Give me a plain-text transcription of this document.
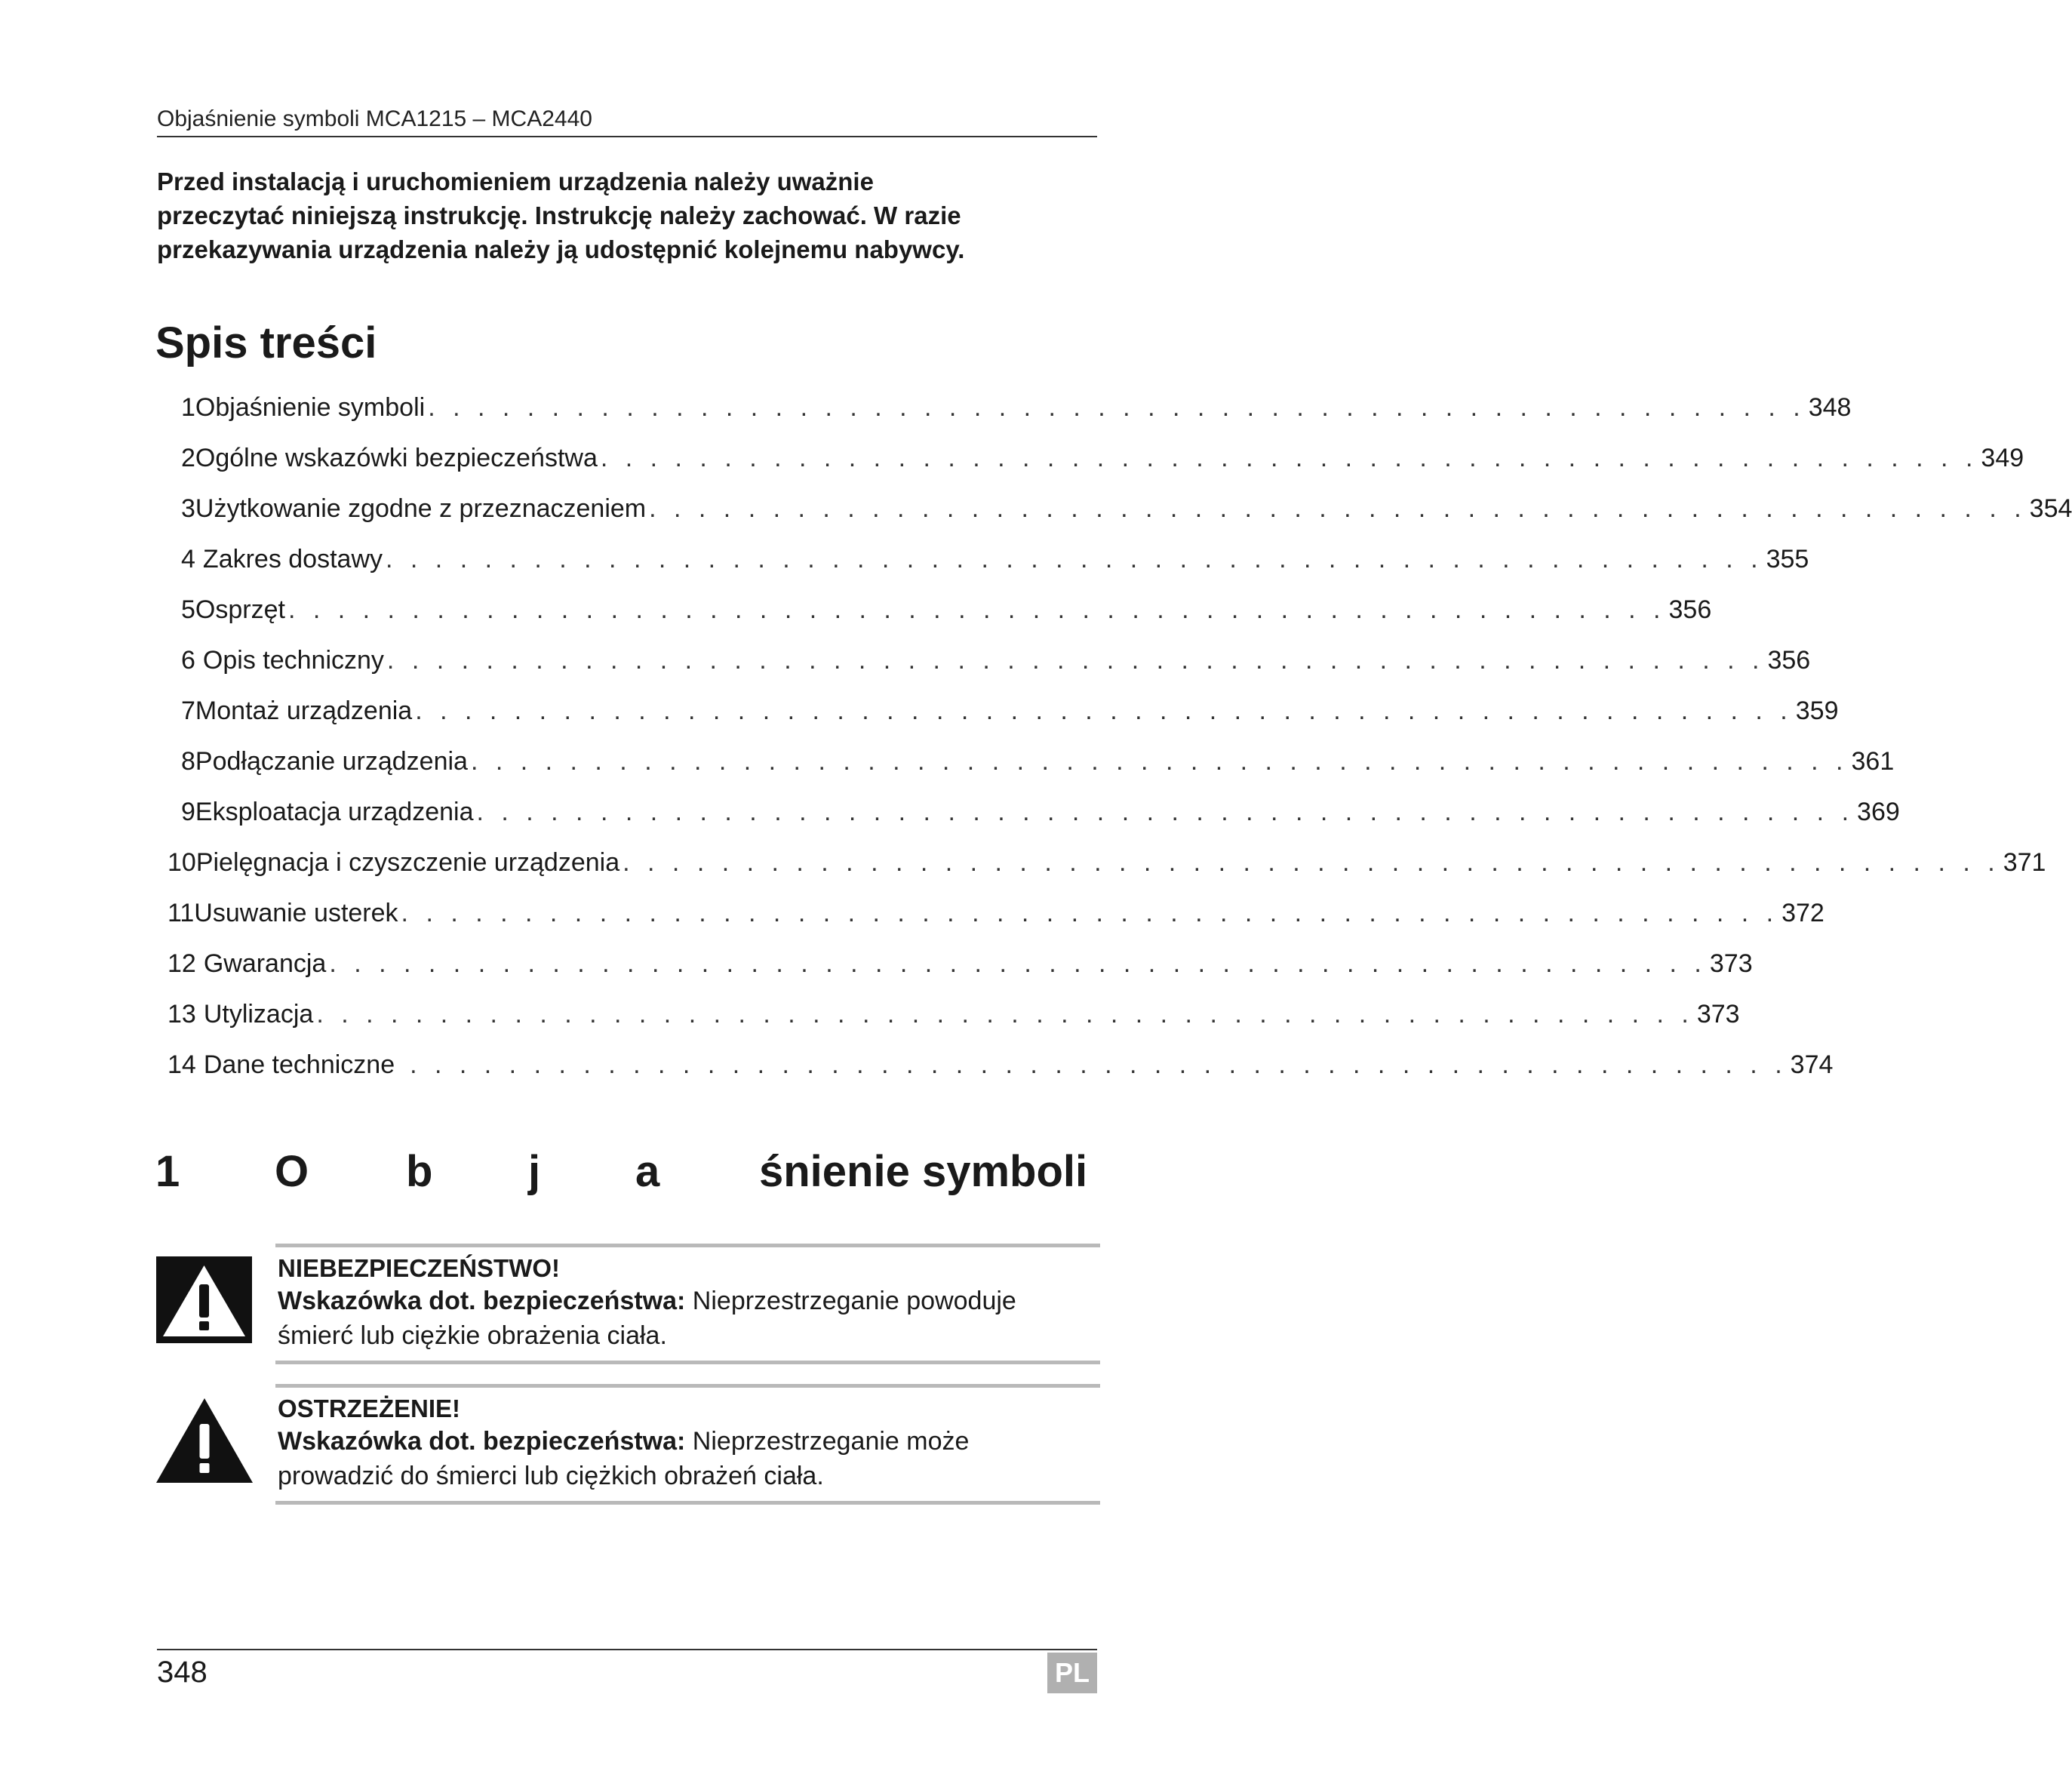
Objaśnienie symboli MCA1215 – MCA2440
Przed instalacją i uruchomieniem urządzenia należy uważnie
przeczytać niniejszą instrukcję. Instrukcję należy zachować. W razie
przekazywania urządzenia należy ją udostępnić kolejnemu nabywcy.
Spis treści
1 Objaśnienie symboli . . . . . . . . . . . . . . . . . . . . . . . . . . . . . . . . . . . . . . . . . . . . . . . . . . . . . . . . 348
2 Ogólne wskazówki bezpieczeństwa . . . . . . . . . . . . . . . . . . . . . . . . . . . . . . . . . . . . . . . . . . . . . . . . . . . . . . . . 349
3 Użytkowanie zgodne z przeznaczeniem . . . . . . . . . . . . . . . . . . . . . . . . . . . . . . . . . . . . . . . . . . . . . . . . . . . . . . . . 354
4 Zakres dostawy . . . . . . . . . . . . . . . . . . . . . . . . . . . . . . . . . . . . . . . . . . . . . . . . . . . . . . . . 355
5 Osprzęt . . . . . . . . . . . . . . . . . . . . . . . . . . . . . . . . . . . . . . . . . . . . . . . . . . . . . . . . 356
6 Opis techniczny . . . . . . . . . . . . . . . . . . . . . . . . . . . . . . . . . . . . . . . . . . . . . . . . . . . . . . . . 356
7 Montaż urządzenia . . . . . . . . . . . . . . . . . . . . . . . . . . . . . . . . . . . . . . . . . . . . . . . . . . . . . . . . 359
8 Podłączanie urządzenia . . . . . . . . . . . . . . . . . . . . . . . . . . . . . . . . . . . . . . . . . . . . . . . . . . . . . . . . 361
9 Eksploatacja urządzenia . . . . . . . . . . . . . . . . . . . . . . . . . . . . . . . . . . . . . . . . . . . . . . . . . . . . . . . . 369
10 Pielęgnacja i czyszczenie urządzenia . . . . . . . . . . . . . . . . . . . . . . . . . . . . . . . . . . . . . . . . . . . . . . . . . . . . . . . . 371
11 Usuwanie usterek . . . . . . . . . . . . . . . . . . . . . . . . . . . . . . . . . . . . . . . . . . . . . . . . . . . . . . . . 372
12 Gwarancja . . . . . . . . . . . . . . . . . . . . . . . . . . . . . . . . . . . . . . . . . . . . . . . . . . . . . . . . 373
13 Utylizacja . . . . . . . . . . . . . . . . . . . . . . . . . . . . . . . . . . . . . . . . . . . . . . . . . . . . . . . . 373
14 Dane techniczne . . . . . . . . . . . . . . . . . . . . . . . . . . . . . . . . . . . . . . . . . . . . . . . . . . . . . . . . 374
1 O b j a śnienie symboli
NIEBEZPIECZEŃSTWO!
Wskazówka dot. bezpieczeństwa: Nieprzestrzeganie powoduje
śmierć lub ciężkie obrażenia ciała.
OSTRZEŻENIE!
Wskazówka dot. bezpieczeństwa: Nieprzestrzeganie może
prowadzić do śmierci lub ciężkich obrażeń ciała.
348	PL
